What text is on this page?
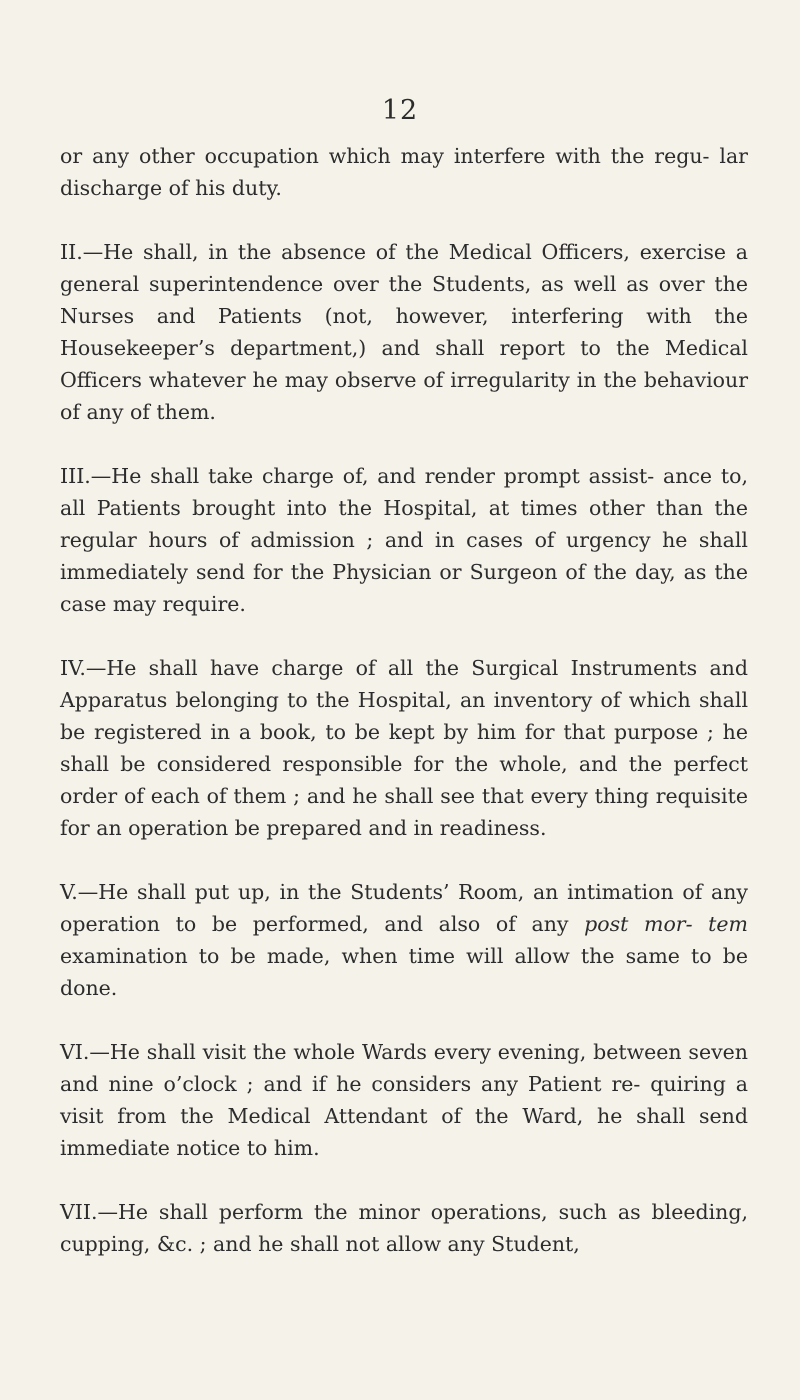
12

or any other occupation which may interfere with the regu- lar discharge of his duty.

II.—He shall, in the absence of the Medical Officers, exercise a general superintendence over the Students, as well as over the Nurses and Patients (not, however, interfering with the Housekeeper’s department,) and shall report to the Medical Officers whatever he may observe of irregularity in the behaviour of any of them.

III.—He shall take charge of, and render prompt assist- ance to, all Patients brought into the Hospital, at times other than the regular hours of admission ; and in cases of urgency he shall immediately send for the Physician or Surgeon of the day, as the case may require.

IV.—He shall have charge of all the Surgical Instruments and Apparatus belonging to the Hospital, an inventory of which shall be registered in a book, to be kept by him for that purpose ; he shall be considered responsible for the whole, and the perfect order of each of them ; and he shall see that every thing requisite for an operation be prepared and in readiness.

V.—He shall put up, in the Students’ Room, an intimation of any operation to be performed, and also of any post mor- tem examination to be made, when time will allow the same to be done.

VI.—He shall visit the whole Wards every evening, between seven and nine o’clock ; and if he considers any Patient re- quiring a visit from the Medical Attendant of the Ward, he shall send immediate notice to him.

VII.—He shall perform the minor operations, such as bleeding, cupping, &c. ; and he shall not allow any Student,
